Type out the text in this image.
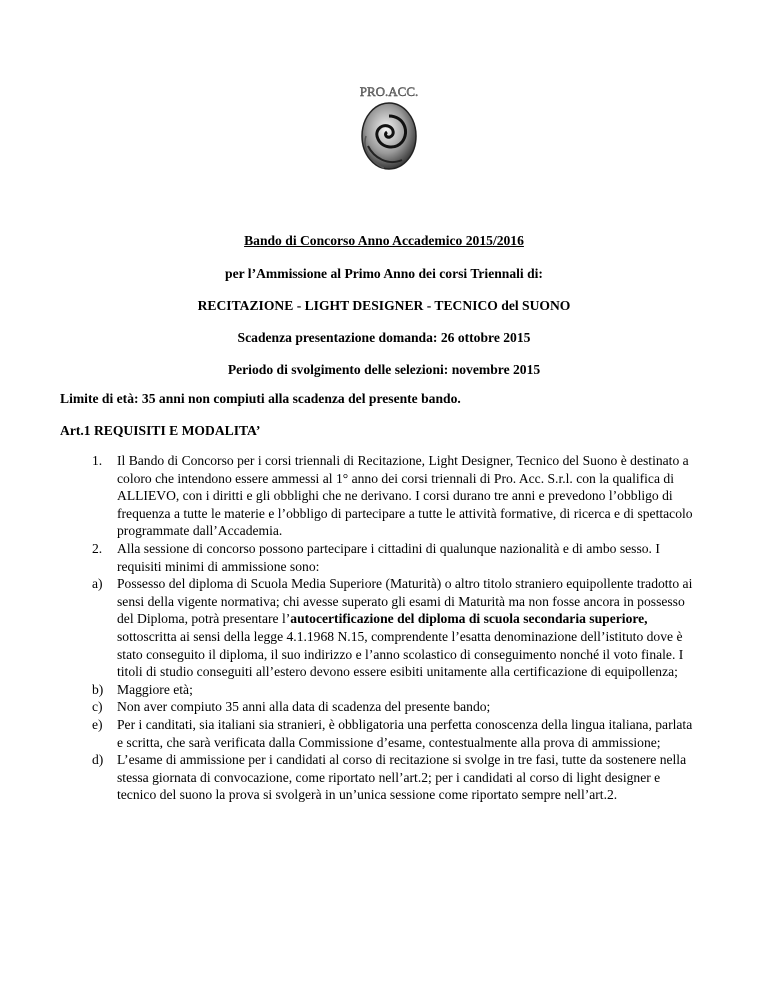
PRO.ACC.
Bando di Concorso Anno Accademico 2015/2016
per l’Ammissione al Primo Anno dei corsi Triennali di:
RECITAZIONE - LIGHT DESIGNER - TECNICO del SUONO
Scadenza presentazione domanda: 26 ottobre 2015
Periodo di svolgimento delle selezioni: novembre 2015
Limite di età: 35 anni non compiuti alla scadenza del presente bando.
Art.1 REQUISITI E MODALITA’
1. Il Bando di Concorso per i corsi triennali di Recitazione, Light Designer, Tecnico del Suono è destinato a coloro che intendono essere ammessi al 1° anno dei corsi triennali di Pro. Acc. S.r.l. con la qualifica di ALLIEVO, con i diritti e gli obblighi che ne derivano. I corsi durano tre anni e prevedono l’obbligo di frequenza a tutte le materie e l’obbligo di partecipare a tutte le attività formative, di ricerca e di spettacolo programmate dall’Accademia.
2. Alla sessione di concorso possono partecipare i cittadini di qualunque nazionalità e di ambo sesso. I requisiti minimi di ammissione sono:
a) Possesso del diploma di Scuola Media Superiore (Maturità) o altro titolo straniero equipollente tradotto ai sensi della vigente normativa; chi avesse superato gli esami di Maturità ma non fosse ancora in possesso del Diploma, potrà presentare l’autocertificazione del diploma di scuola secondaria superiore, sottoscritta ai sensi della legge 4.1.1968 N.15, comprendente l’esatta denominazione dell’istituto dove è stato conseguito il diploma, il suo indirizzo e l’anno scolastico di conseguimento nonché il voto finale. I titoli di studio conseguiti all’estero devono essere esibiti unitamente alla certificazione di equipollenza;
b) Maggiore età;
c) Non aver compiuto 35 anni alla data di scadenza del presente bando;
e) Per i canditati, sia italiani sia stranieri, è obbligatoria una perfetta conoscenza della lingua italiana, parlata e scritta, che sarà verificata dalla Commissione d’esame, contestualmente alla prova di ammissione;
d) L’esame di ammissione per i candidati al corso di recitazione si svolge in tre fasi, tutte da sostenere nella stessa giornata di convocazione, come riportato nell’art.2; per i candidati al corso di light designer e tecnico del suono la prova si svolgerà in un’unica sessione come riportato sempre nell’art.2.
